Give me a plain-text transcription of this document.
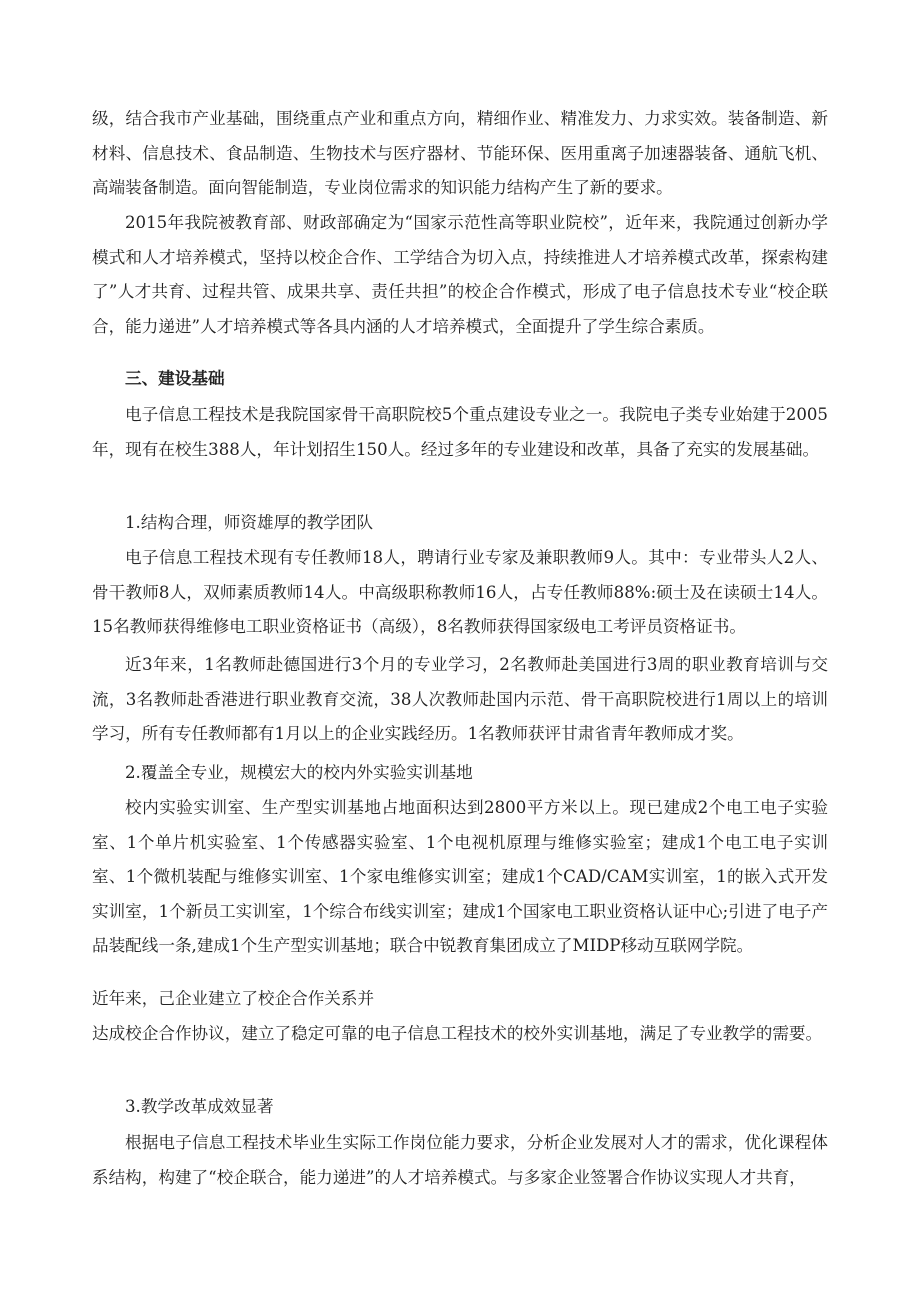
级，结合我市产业基础，围绕重点产业和重点方向，精细作业、精准发力、力求实效。装备制造、新材料、信息技术、食品制造、生物技术与医疗器材、节能环保、医用重离子加速器装备、通航飞机、高端装备制造。面向智能制造，专业岗位需求的知识能力结构产生了新的要求。

2015年我院被教育部、财政部确定为“国家示范性高等职业院校”，近年来，我院通过创新办学模式和人才培养模式，坚持以校企合作、工学结合为切入点，持续推进人才培养模式改革，探索构建了”人才共育、过程共管、成果共享、责任共担”的校企合作模式，形成了电子信息技术专业“校企联合，能力递进”人才培养模式等各具内涵的人才培养模式，全面提升了学生综合素质。

三、建设基础

电子信息工程技术是我院国家骨干高职院校5个重点建设专业之一。我院电子类专业始建于2005年，现有在校生388人，年计划招生150人。经过多年的专业建设和改革，具备了充实的发展基础。

1.结构合理，师资雄厚的教学团队

电子信息工程技术现有专任教师18人，聘请行业专家及兼职教师9人。其中：专业带头人2人、骨干教师8人，双师素质教师14人。中高级职称教师16人，占专任教师88%:硕士及在读硕士14人。15名教师获得维修电工职业资格证书（高级），8名教师获得国家级电工考评员资格证书。

近3年来，1名教师赴德国进行3个月的专业学习，2名教师赴美国进行3周的职业教育培训与交流，3名教师赴香港进行职业教育交流，38人次教师赴国内示范、骨干高职院校进行1周以上的培训学习，所有专任教师都有1月以上的企业实践经历。1名教师获评甘肃省青年教师成才奖。

2.覆盖全专业，规模宏大的校内外实验实训基地

校内实验实训室、生产型实训基地占地面积达到2800平方米以上。现已建成2个电工电子实验室、1个单片机实验室、1个传感器实验室、1个电视机原理与维修实验室；建成1个电工电子实训室、1个微机装配与维修实训室、1个家电维修实训室；建成1个CAD/CAM实训室，1的嵌入式开发实训室，1个新员工实训室，1个综合布线实训室；建成1个国家电工职业资格认证中心;引进了电子产品装配线一条,建成1个生产型实训基地；联合中锐教育集团成立了MIDP移动互联网学院。

近年来，己企业建立了校企合作关系并

达成校企合作协议，建立了稳定可靠的电子信息工程技术的校外实训基地，满足了专业教学的需要。

3.教学改革成效显著

根据电子信息工程技术毕业生实际工作岗位能力要求，分析企业发展对人才的需求，优化课程体系结构，构建了“校企联合，能力递进”的人才培养模式。与多家企业签署合作协议实现人才共育，
